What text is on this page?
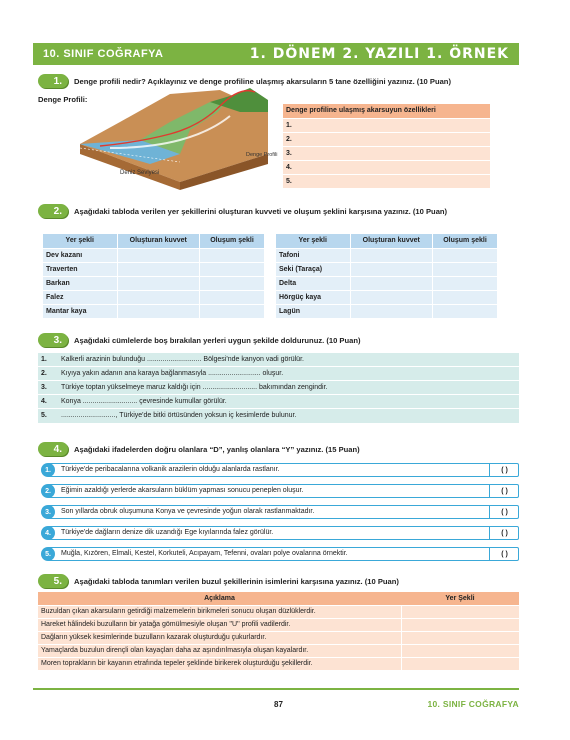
10. SINIF COĞRAFYA	1. DÖNEM 2. YAZILI 1. ÖRNEK
1.	Denge profili nedir? Açıklayınız ve denge profiline ulaşmış akarsuların 5 tane özelliğini yazınız. (10 Puan)
Denge Profili:
Deniz Seviyesi
Denge Profili
Denge profiline ulaşmış akarsuyun özellikleri
1.
2.
3.
4.
5.
2.	Aşağıdaki tabloda verilen yer şekillerini oluşturan kuvveti ve oluşum şeklini karşısına yazınız. (10 Puan)
Yer şekli	Oluşturan kuvvet	Oluşum şekli
Dev kazanı		
Traverten		
Barkan		
Falez		
Mantar kaya		
Yer şekli	Oluşturan kuvvet	Oluşum şekli
Tafoni		
Seki (Taraça)		
Delta		
Hörgüç kaya		
Lagün		
3.	Aşağıdaki cümlelerde boş bırakılan yerleri uygun şekilde doldurunuz. (10 Puan)
1.	Kalkerli arazinin bulunduğu ............................ Bölgesi'nde kanyon vadi görülür.
2.	Kıyıya yakın adanın ana karaya bağlanmasıyla ........................... oluşur.
3.	Türkiye toptan yükselmeye maruz kaldığı için ............................ bakımından zengindir.
4.	Konya ............................ çevresinde kumullar görülür.
5.	............................, Türkiye'de bitki örtüsünden yoksun iç kesimlerde bulunur.
4.	Aşağıdaki ifadelerden doğru olanlara “D”, yanlış olanlara “Y” yazınız. (15 Puan)
1.	Türkiye'de peribacalarına volkanik arazilerin olduğu alanlarda rastlanır.	( )
2.	Eğimin azaldığı yerlerde akarsuların büklüm yapması sonucu peneplen oluşur.	( )
3.	Son yıllarda obruk oluşumuna Konya ve çevresinde yoğun olarak rastlanmaktadır.	( )
4.	Türkiye'de dağların denize dik uzandığı Ege kıyılarında falez görülür.	( )
5.	Muğla, Kızören, Elmali, Kestel, Korkuteli, Acıpayam, Tefenni, ovaları polye ovalarına örnektir.	( )
5.	Aşağıdaki tabloda tanımları verilen buzul şekillerinin isimlerini karşısına yazınız. (10 Puan)
Açıklama	Yer Şekli
Buzuldan çıkan akarsuların getirdiği malzemelerin birikmeleri sonucu oluşan düzlüklerdir.	
Hareket hâlindeki buzulların bir yatağa gömülmesiyle oluşan ''U'' profili vadilerdir.	
Dağların yüksek kesimlerinde buzulların kazarak oluşturduğu çukurlardır.	
Yamaçlarda buzulun dirençli olan kayaçları daha az aşındırılmasıyla oluşan kayalardır.	
Moren toprakların bir kayanın etrafında tepeler şeklinde birikerek oluşturduğu şekillerdir.	
87	10. SINIF COĞRAFYA
